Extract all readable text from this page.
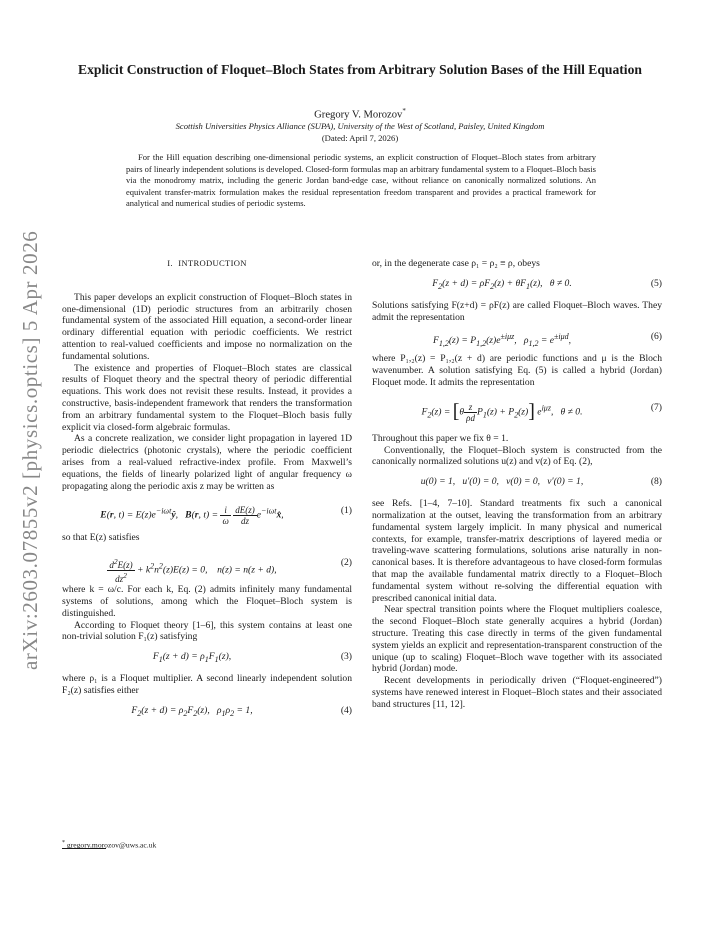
arXiv:2603.07855v2 [physics.optics] 5 Apr 2026
Explicit Construction of Floquet–Bloch States from Arbitrary Solution Bases of the Hill Equation
Gregory V. Morozov*
Scottish Universities Physics Alliance (SUPA), University of the West of Scotland, Paisley, United Kingdom
(Dated: April 7, 2026)
For the Hill equation describing one-dimensional periodic systems, an explicit construction of Floquet–Bloch states from arbitrary pairs of linearly independent solutions is developed. Closed-form formulas map an arbitrary fundamental system to a Floquet–Bloch basis via the monodromy matrix, including the generic Jordan band-edge case, without reliance on canonically normalized solutions. An equivalent transfer-matrix formulation makes the residual representation freedom transparent and provides a practical framework for analytical and numerical studies of periodic systems.
I. INTRODUCTION

This paper develops an explicit construction of Floquet–Bloch states in one-dimensional (1D) periodic structures from an arbitrarily chosen fundamental system of the associated Hill equation, a second-order linear ordinary differential equation with periodic coefficients. We restrict attention to real-valued coefficients and impose no normalization on the fundamental solutions.

The existence and properties of Floquet–Bloch states are classical results of Floquet theory and the spectral theory of periodic differential equations. This work does not revisit these results. Instead, it provides a constructive, basis-independent framework that renders the transformation from an arbitrary fundamental system to the Floquet–Bloch basis fully explicit via closed-form algebraic formulas.

As a concrete realization, we consider light propagation in layered 1D periodic dielectrics (photonic crystals), where the periodic coefficient arises from a real-valued refractive-index profile. From Maxwell’s equations, the fields of linearly polarized light of angular frequency ω propagating along the periodic axis z may be written as

E(r, $t) = E(z)e^{-i\omega t}ŷ$,   B(r, $t) = \frac{i}{\omega}$
$\frac{dE(z)}{dz}$ $e^{-i\omega t}x̂$,	(1)

so that E(z) satisfies

$\frac{d^2E(z)}{dz^2} + k^2n^2(z)E(z) = 0$,    n(z) = n(z + d),
(2)

where k = ω/c. For each k, Eq. (2) admits infinitely many fundamental systems of solutions, among which the Floquet–Bloch system is distinguished.

According to Floquet theory [1–6], this system contains at least one non-trivial solution F₁(z) satisfying

$F_1(z + d) = \rho_1F_1(z)$,	(3)

where ρ₁ is a Floquet multiplier. A second linearly independent solution F₂(z) satisfies either

$F_2(z + d) = \rho_2F_2(z)$,   $\rho_1\rho_2 = 1$,	(4)

or, in the degenerate case ρ₁ = ρ₂ ≡ ρ, obeys

$F_2(z + d) = \rho F_2(z) + \theta F_1(z)$,   θ ≠ 0.	(5)

Solutions satisfying F(z+d) = ρF(z) are called Floquet–Bloch waves. They admit the representation

$F_{1,2}(z) = P_{1,2}(z)e^{\pm i\mu z}$,   $\rho_{1,2} = e^{\pm i\mu d}$,	(6)

where P₁,₂(z) = P₁,₂(z + d) are periodic functions and μ is the Bloch wavenumber. A solution satisfying Eq. (5) is called a hybrid (Jordan) Floquet mode. It admits the representation

$F_2(z) = [\theta \frac{z}{\rho d} P_1(z) + P_2(z)]$ $e^{i\mu z}$,   θ ≠ 0.	(7)

Throughout this paper we fix θ = 1.

Conventionally, the Floquet–Bloch system is constructed from the canonically normalized solutions u(z) and v(z) of Eq. (2),

u(0) = 1,   u′(0) = 0,   v(0) = 0,   v′(0) = 1,	(8)

see Refs. [1–4, 7–10]. Standard treatments fix such a canonical normalization at the outset, leaving the transformation from an arbitrary fundamental system largely implicit. In many physical and numerical contexts, for example, transfer-matrix descriptions of layered media or traveling-wave scattering formulations, solutions arise naturally in non-canonical bases. It is therefore advantageous to have closed-form formulas that map the available fundamental matrix directly to a Floquet–Bloch fundamental system without re-solving the differential equation with prescribed canonical initial data.

Near spectral transition points where the Floquet multipliers coalesce, the second Floquet–Bloch state generally acquires a hybrid (Jordan) structure. Treating this case directly in terms of the given fundamental system yields an explicit and representation-transparent construction of the unique (up to scaling) Floquet–Bloch wave together with its associated hybrid (Jordan) mode.

Recent developments in periodically driven (“Floquet-engineered”) systems have renewed interest in Floquet–Bloch states and their associated band structures [11, 12].

* gregory.morozov@uws.ac.uk
